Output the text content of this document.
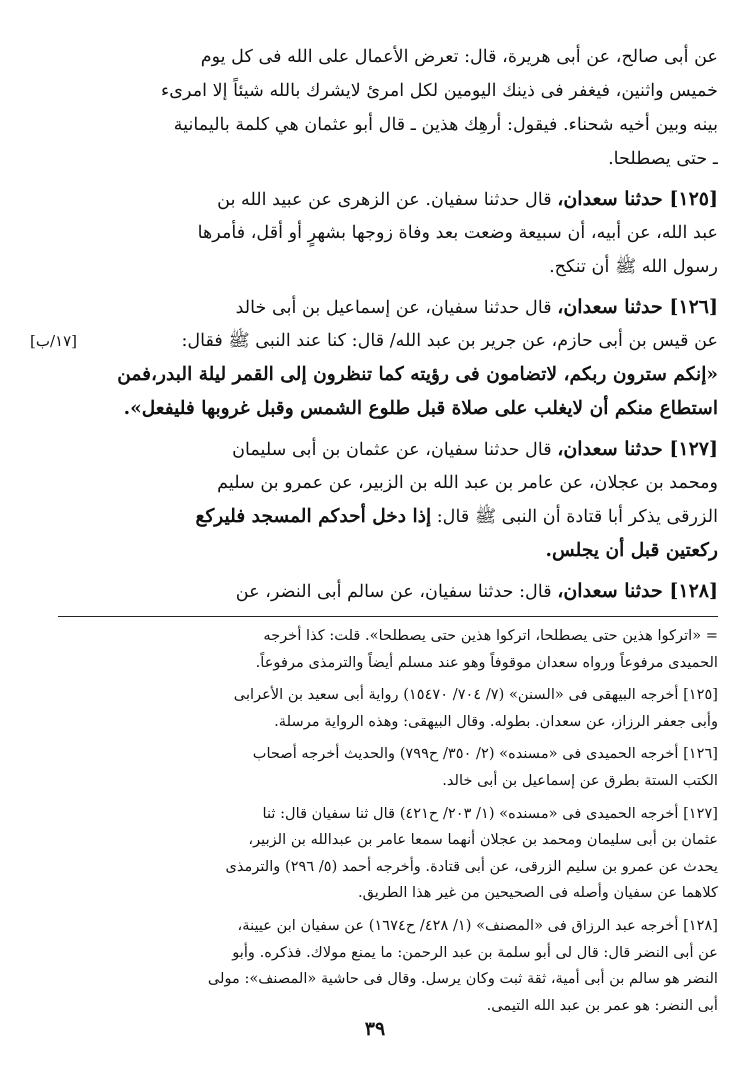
عن أبى صالح، عن أبى هريرة، قال: تعرض الأعمال على الله فى كل يوم
خميس واثنين، فيغفر فى ذينك اليومين لكل امرئ لايشرك بالله شيئاً إلا امرىء
بينه وبين أخيه شحناء. فيقول: أرهِك هذين ـ قال أبو عثمان هي كلمة باليمانية
ـ حتى يصطلحا.
[١٢٥] حدثنا سعدان، قال حدثنا سفيان. عن الزهرى عن عبيد الله بن
عبد الله، عن أبيه، أن سبيعة وضعت بعد وفاة زوجها بشهرٍ أو أقل، فأمرها
رسول الله ﷺ أن تنكح.
[١٢٦] حدثنا سعدان، قال حدثنا سفيان، عن إسماعيل بن أبى خالد
عن قيس بن أبى حازم، عن جرير بن عبد الله/ قال: كنا عند النبى ﷺ فقال:
[١٧/ب]
«إنكم سترون ربكم، لاتضامون فى رؤيته كما تنظرون إلى القمر ليلة البدر،فمن
استطاع منكم أن لايغلب على صلاة قبل طلوع الشمس وقبل غروبها فليفعل».
[١٢٧] حدثنا سعدان، قال حدثنا سفيان، عن عثمان بن أبى سليمان
ومحمد بن عجلان، عن عامر بن عبد الله بن الزبير، عن عمرو بن سليم
الزرقى يذكر أبا قتادة أن النبى ﷺ قال: إذا دخل أحدكم المسجد فليركع
ركعتين قبل أن يجلس.
[١٢٨] حدثنا سعدان، قال: حدثنا سفيان، عن سالم أبى النضر، عن
= «اتركوا هذين حتى يصطلحا، اتركوا هذين حتى يصطلحا». قلت: كذا أخرجه
الحميدى مرفوعاً ورواه سعدان موقوفاً وهو عند مسلم أيضاً والترمذى مرفوعاً.
[١٢٥] أخرجه البيهقى فى «السنن» (٧/ ٧٠٤/ ١٥٤٧٠) رواية أبى سعيد بن الأعرابى
وأبى جعفر الرزاز، عن سعدان. بطوله. وقال البيهقى: وهذه الرواية مرسلة.
[١٢٦] أخرجه الحميدى فى «مسنده» (٢/ ٣٥٠/ ح٧٩٩) والحديث أخرجه أصحاب
الكتب الستة بطرق عن إسماعيل بن أبى خالد.
[١٢٧] أخرجه الحميدى فى «مسنده» (١/ ٢٠٣/ ح٤٢١) قال ثنا سفيان قال: ثنا
عثمان بن أبى سليمان ومحمد بن عجلان أنهما سمعا عامر بن عبدالله بن الزبير،
يحدث عن عمرو بن سليم الزرقى، عن أبى قتادة. وأخرجه أحمد (٥/ ٢٩٦) والترمذى
كلاهما عن سفيان وأصله فى الصحيحين من غير هذا الطريق.
[١٢٨] أخرجه عبد الرزاق فى «المصنف» (١/ ٤٢٨/ ح١٦٧٤) عن سفيان ابن عيينة،
عن أبى النضر قال: قال لى أبو سلمة بن عبد الرحمن: ما يمنع مولاك. فذكره. وأبو
النضر هو سالم بن أبى أمية، ثقة ثبت وكان يرسل. وقال فى حاشية «المصنف»: مولى
أبى النضر: هو عمر بن عبد الله التيمى.
٣٩
